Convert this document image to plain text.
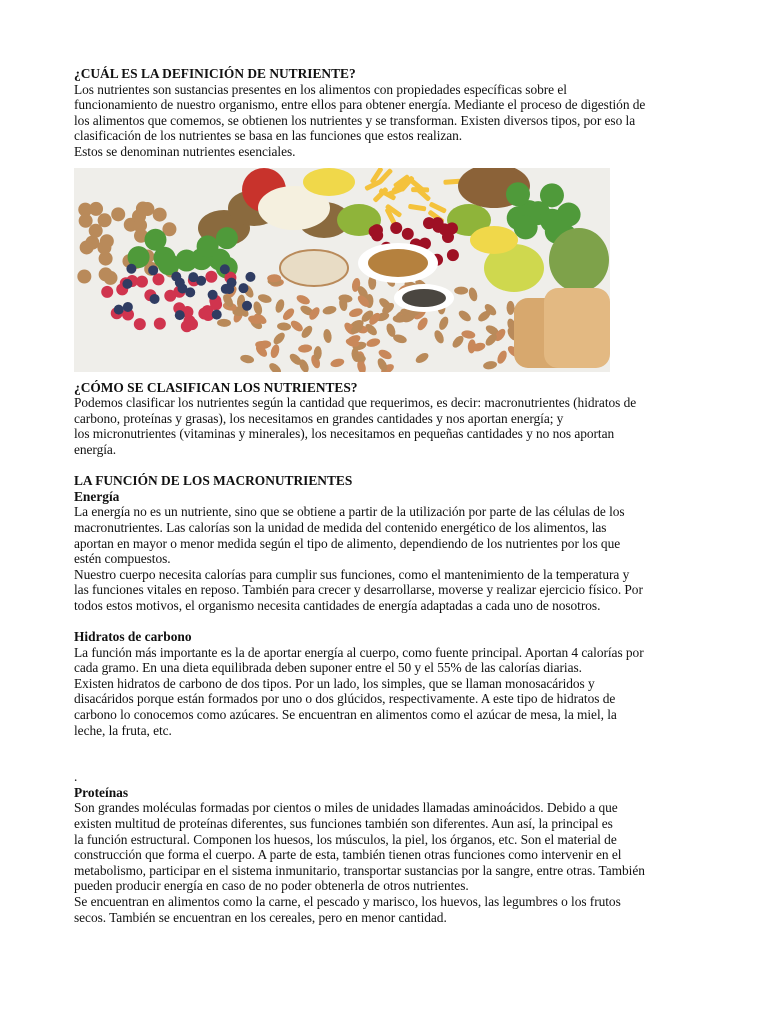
¿CUÁL ES LA DEFINICIÓN DE NUTRIENTE?

Los nutrientes son sustancias presentes en los alimentos con propiedades específicas sobre el
funcionamiento de nuestro organismo, entre ellos para obtener energía. Mediante el proceso de digestión de
los alimentos que comemos, se obtienen los nutrientes y se transforman. Existen diversos tipos, por eso la
clasificación de los nutrientes se basa en las funciones que estos realizan.
Estos se denominan nutrientes esenciales.

¿CÓMO SE CLASIFICAN LOS NUTRIENTES?

Podemos clasificar los nutrientes según la cantidad que requerimos, es decir: macronutrientes (hidratos de
carbono, proteínas y grasas), los necesitamos en grandes cantidades y nos aportan energía; y
los micronutrientes (vitaminas y minerales), los necesitamos en pequeñas cantidades y no nos aportan
energía.

LA FUNCIÓN DE LOS MACRONUTRIENTES

Energía

La energía no es un nutriente, sino que se obtiene a partir de la utilización por parte de las células de los
macronutrientes. Las calorías son la unidad de medida del contenido energético de los alimentos, las
aportan en mayor o menor medida según el tipo de alimento, dependiendo de los nutrientes por los que
estén compuestos.

Nuestro cuerpo necesita calorías para cumplir sus funciones, como el mantenimiento de la temperatura y
las funciones vitales en reposo. También para crecer y desarrollarse, moverse y realizar ejercicio físico. Por
todos estos motivos, el organismo necesita cantidades de energía adaptadas a cada uno de nosotros.

Hidratos de carbono

La función más importante es la de aportar energía al cuerpo, como fuente principal. Aportan 4 calorías por
cada gramo. En una dieta equilibrada deben suponer entre el 50 y el 55% de las calorías diarias.

Existen hidratos de carbono de dos tipos. Por un lado, los simples, que se llaman monosacáridos y
disacáridos porque están formados por uno o dos glúcidos, respectivamente. A este tipo de hidratos de
carbono lo conocemos como azúcares. Se encuentran en alimentos como el azúcar de mesa, la miel, la
leche, la fruta, etc.

.

Proteínas

Son grandes moléculas formadas por cientos o miles de unidades llamadas aminoácidos. Debido a que
existen multitud de proteínas diferentes, sus funciones también son diferentes. Aun así, la principal es
la función estructural. Componen los huesos, los músculos, la piel, los órganos, etc. Son el material de
construcción que forma el cuerpo. A parte de esta, también tienen otras funciones como intervenir en el
metabolismo, participar en el sistema inmunitario, transportar sustancias por la sangre, entre otras. También
pueden producir energía en caso de no poder obtenerla de otros nutrientes.

Se encuentran en alimentos como la carne, el pescado y marisco, los huevos, las legumbres o los frutos
secos. También se encuentran en los cereales, pero en menor cantidad.
